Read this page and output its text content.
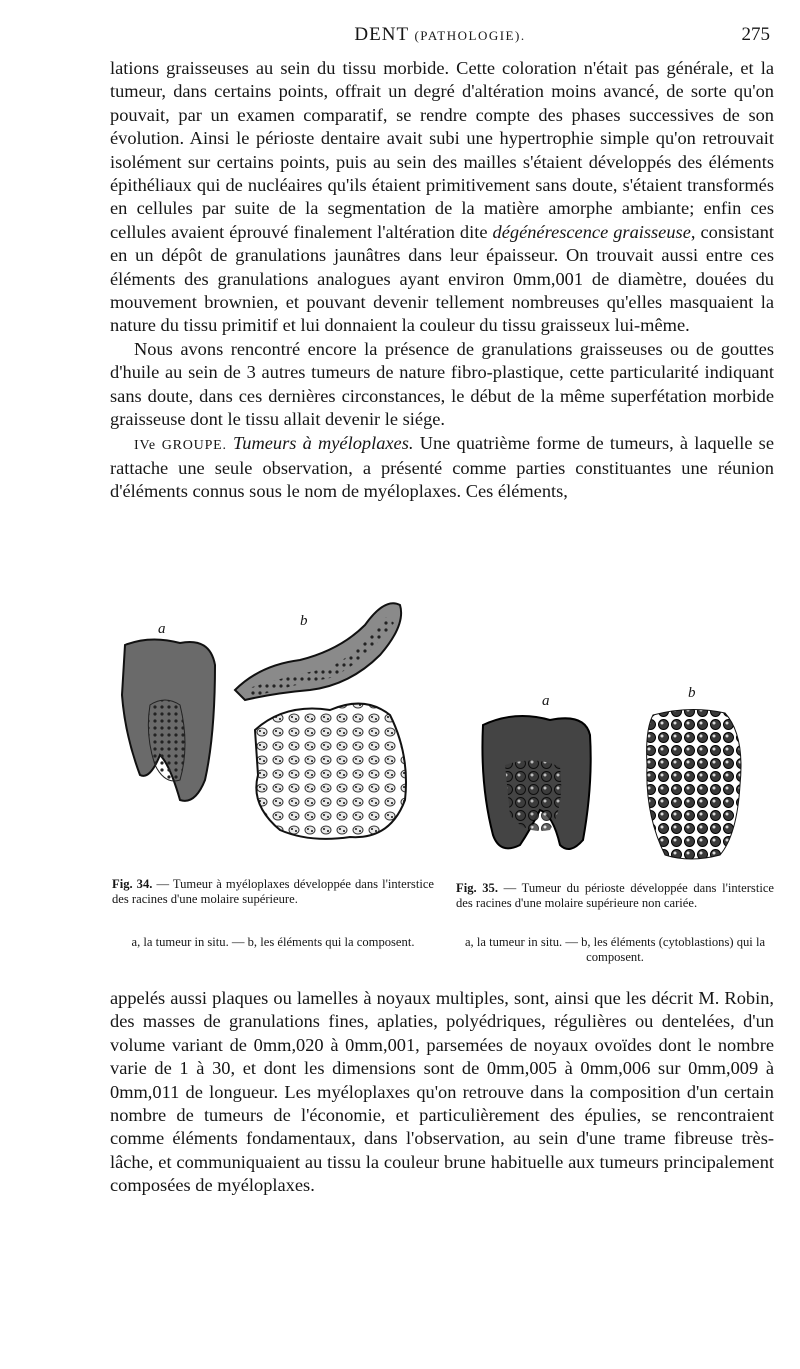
DENT (PATHOLOGIE).	275

lations graisseuses au sein du tissu morbide. Cette coloration n'était pas générale, et la tumeur, dans certains points, offrait un degré d'altération moins avancé, de sorte qu'on pouvait, par un examen comparatif, se rendre compte des phases successives de son évolution. Ainsi le périoste dentaire avait subi une hypertrophie simple qu'on retrouvait isolément sur certains points, puis au sein des mailles s'étaient développés des éléments épithéliaux qui de nucléaires qu'ils étaient primitivement sans doute, s'étaient transformés en cellules par suite de la segmentation de la matière amorphe ambiante; enfin ces cellules avaient éprouvé finalement l'altération dite dégénérescence graisseuse, consistant en un dépôt de granulations jaunâtres dans leur épaisseur. On trouvait aussi entre ces éléments des granulations analogues ayant environ 0mm,001 de diamètre, douées du mouvement brownien, et pouvant devenir tellement nombreuses qu'elles masquaient la nature du tissu primitif et lui donnaient la couleur du tissu graisseux lui-même.

Nous avons rencontré encore la présence de granulations graisseuses ou de gouttes d'huile au sein de 3 autres tumeurs de nature fibro-plastique, cette particularité indiquant sans doute, dans ces dernières circonstances, le début de la même superfétation morbide graisseuse dont le tissu allait devenir le siége.

IVe GROUPE. Tumeurs à myéloplaxes. Une quatrième forme de tumeurs, à laquelle se rattache une seule observation, a présenté comme parties constituantes une réunion d'éléments connus sous le nom de myéloplaxes. Ces éléments,

a	b
a	b
Fig. 34. — Tumeur à myéloplaxes développée dans l'interstice des racines d'une molaire supérieure.
a, la tumeur in situ. — b, les éléments qui la composent.
Fig. 35. — Tumeur du périoste développée dans l'interstice des racines d'une molaire supérieure non cariée.
a, la tumeur in situ. — b, les éléments (cytoblastions) qui la composent.

appelés aussi plaques ou lamelles à noyaux multiples, sont, ainsi que les décrit M. Robin, des masses de granulations fines, aplaties, polyédriques, régulières ou dentelées, d'un volume variant de 0mm,020 à 0mm,001, parsemées de noyaux ovoïdes dont le nombre varie de 1 à 30, et dont les dimensions sont de 0mm,005 à 0mm,006 sur 0mm,009 à 0mm,011 de longueur. Les myéloplaxes qu'on retrouve dans la composition d'un certain nombre de tumeurs de l'économie, et particulièrement des épulies, se rencontraient comme éléments fondamentaux, dans l'observation, au sein d'une trame fibreuse très-lâche, et communiquaient au tissu la couleur brune habituelle aux tumeurs principalement composées de myéloplaxes.
